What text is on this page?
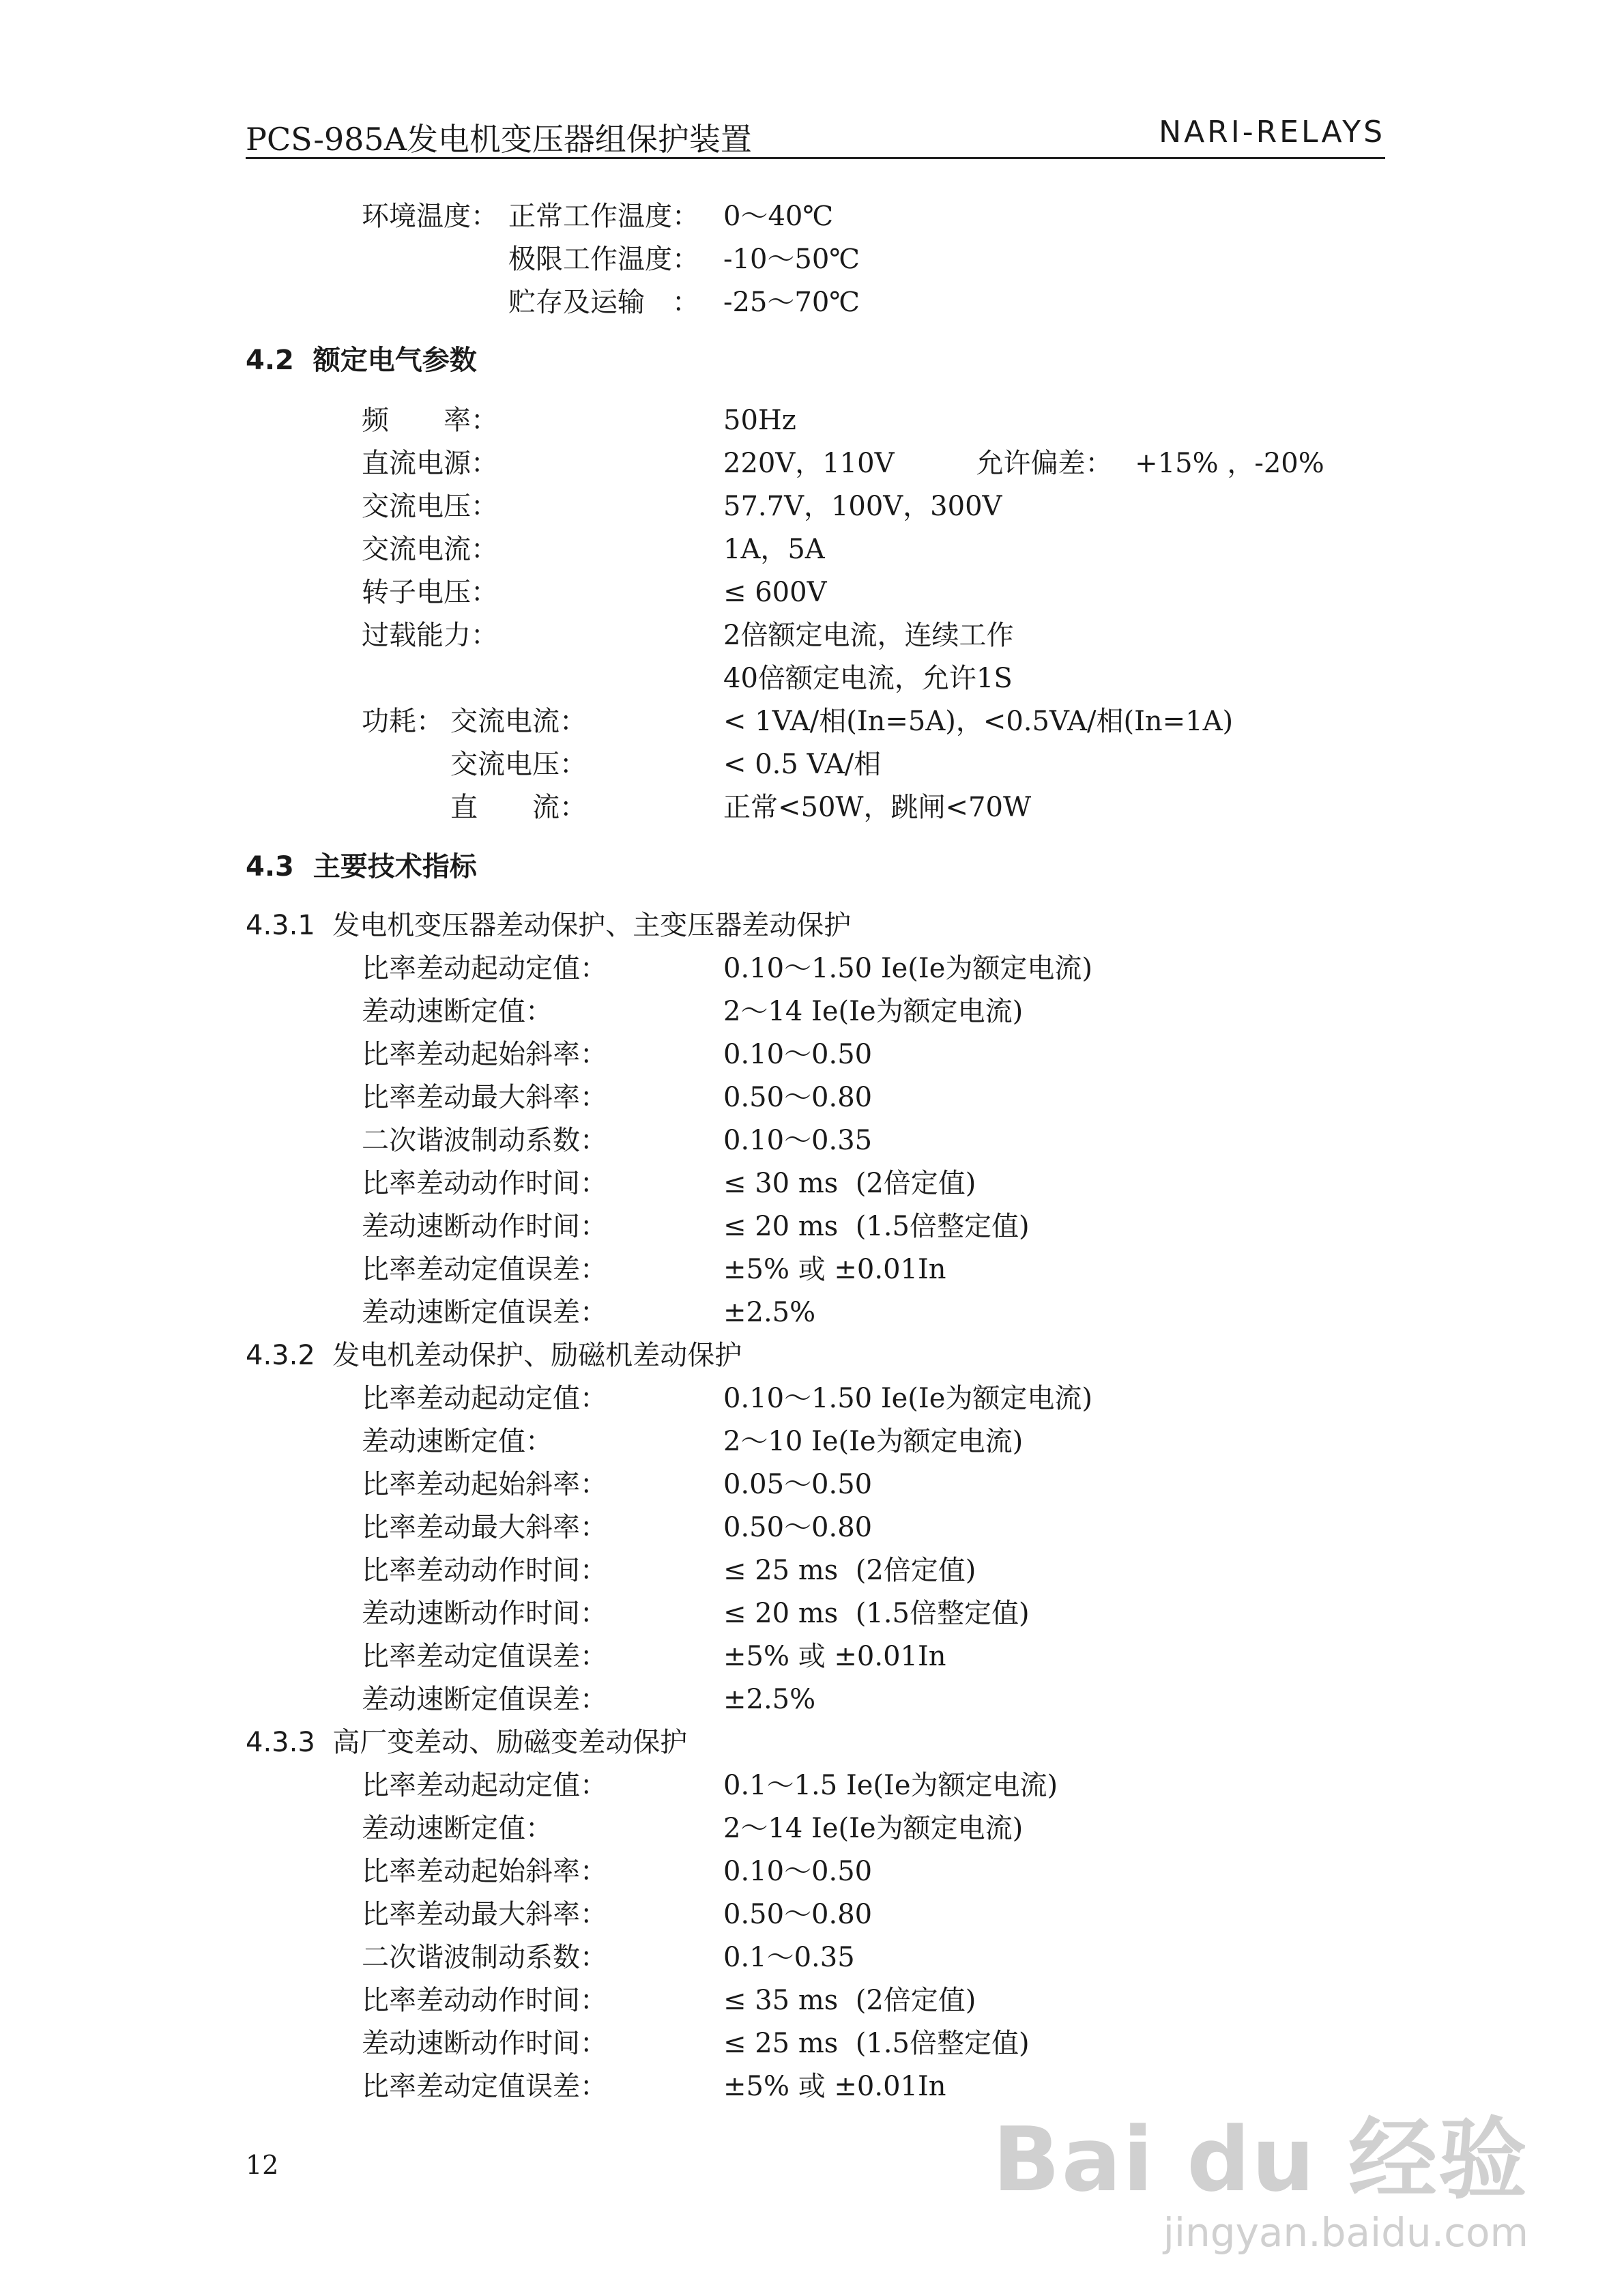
PCS-985A发电机变压器组保护装置	NARI-RELAYS
环境温度： 正常工作温度： 0～40℃
极限工作温度： -10～50℃
贮存及运输　： -25～70℃
4.2  额定电气参数
频　　率：	50Hz
直流电源：	220V，110V　　　允许偏差：　 +15% ，-20%
交流电压：	57.7V，100V，300V
交流电流：	1A，5A
转子电压：	≤ 600V
过载能力：	2倍额定电流，连续工作
40倍额定电流，允许1S
功耗： 交流电流：	< 1VA/相(In=5A)，<0.5VA/相(In=1A)
交流电压：	< 0.5 VA/相
直　　流：	正常<50W，跳闸<70W
4.3  主要技术指标
4.3.1  发电机变压器差动保护、主变压器差动保护
比率差动起动定值：	0.10～1.50 Ie(Ie为额定电流)
差动速断定值：	2～14 Ie(Ie为额定电流)
比率差动起始斜率：	0.10～0.50
比率差动最大斜率：	0.50～0.80
二次谐波制动系数：	0.10～0.35
比率差动动作时间：	≤ 30 ms  (2倍定值)
差动速断动作时间：	≤ 20 ms  (1.5倍整定值)
比率差动定值误差：	±5% 或 ±0.01In
差动速断定值误差：	±2.5%
4.3.2  发电机差动保护、励磁机差动保护
比率差动起动定值：	0.10～1.50 Ie(Ie为额定电流)
差动速断定值：	2～10 Ie(Ie为额定电流)
比率差动起始斜率：	0.05～0.50
比率差动最大斜率：	0.50～0.80
比率差动动作时间：	≤ 25 ms  (2倍定值)
差动速断动作时间：	≤ 20 ms  (1.5倍整定值)
比率差动定值误差：	±5% 或 ±0.01In
差动速断定值误差：	±2.5%
4.3.3  高厂变差动、励磁变差动保护
比率差动起动定值：	0.1～1.5 Ie(Ie为额定电流)
差动速断定值：	2～14 Ie(Ie为额定电流)
比率差动起始斜率：	0.10～0.50
比率差动最大斜率：	0.50～0.80
二次谐波制动系数：	0.1～0.35
比率差动动作时间：	≤ 35 ms  (2倍定值)
差动速断动作时间：	≤ 25 ms  (1.5倍整定值)
比率差动定值误差：	±5% 或 ±0.01In
12	Bai du 经验
jingyan.baidu.com
